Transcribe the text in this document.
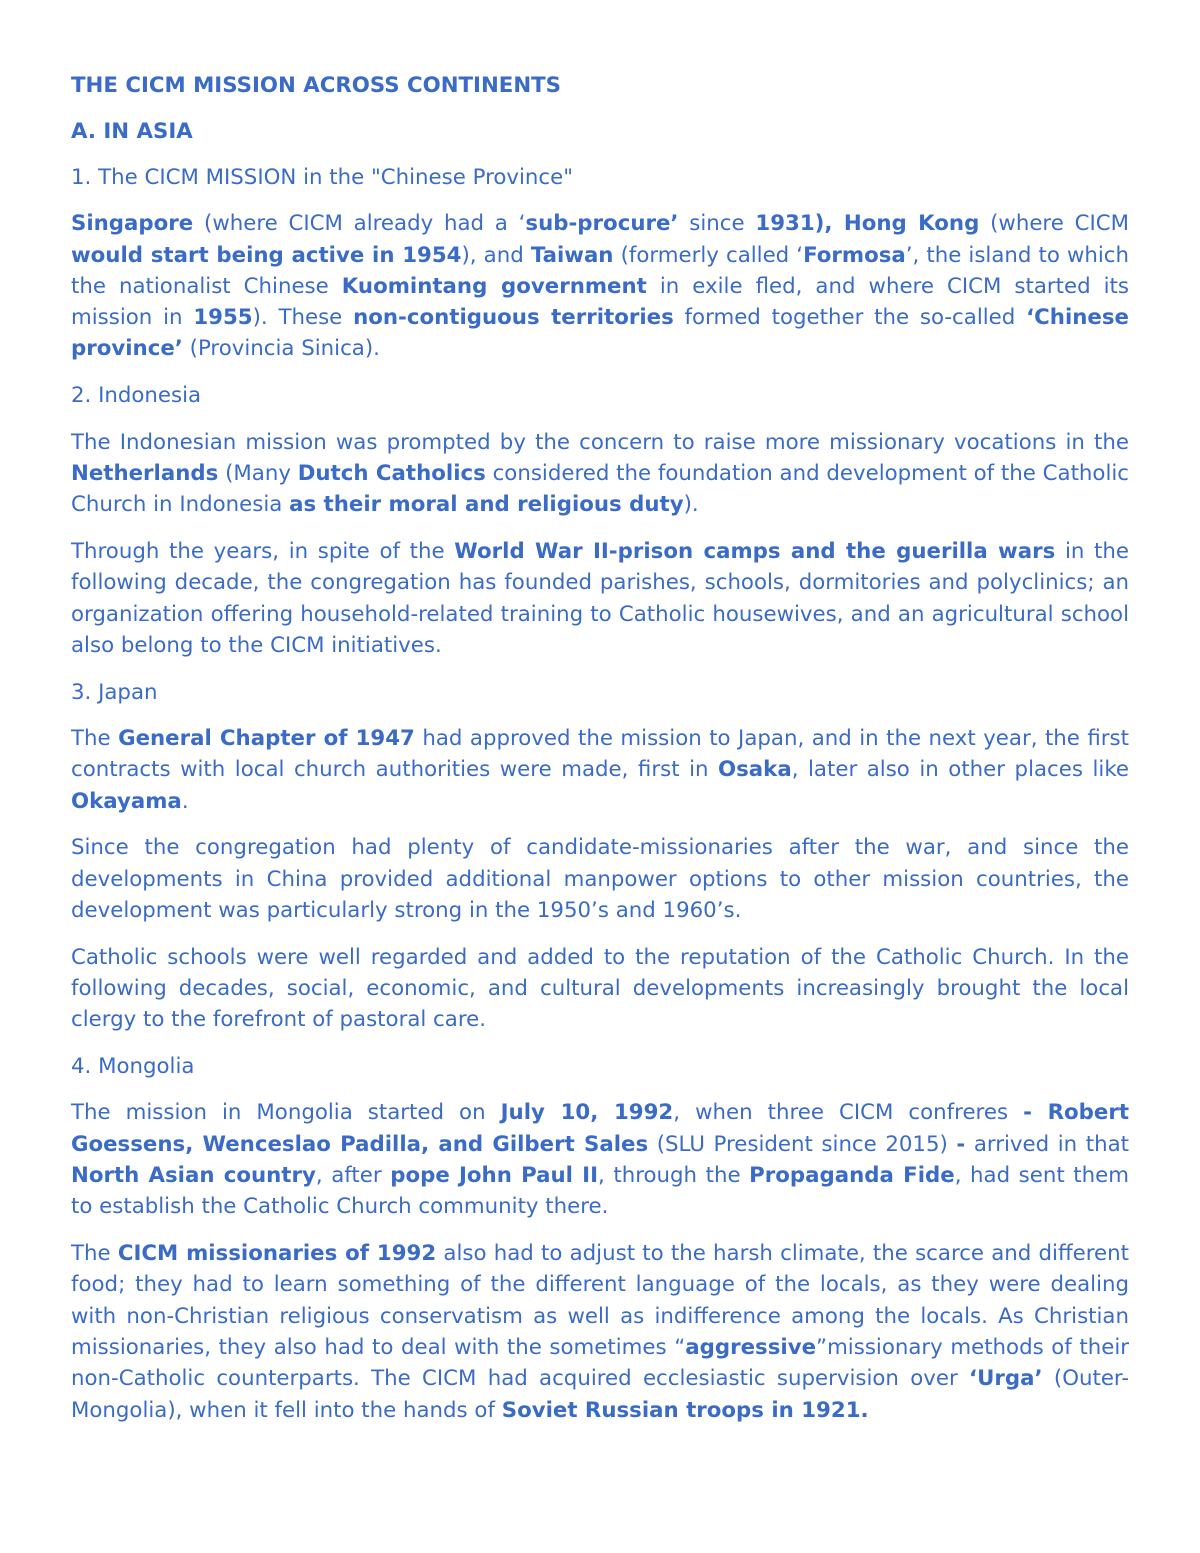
THE CICM MISSION ACROSS CONTINENTS
A. IN ASIA
1. The CICM MISSION in the "Chinese Province"

Singapore (where CICM already had a ‘sub-procure’ since 1931), Hong Kong (where CICM would start being active in 1954), and Taiwan (formerly called ‘Formosa’, the island to which the nationalist Chinese Kuomintang government in exile fled, and where CICM started its mission in 1955). These non-contiguous territories formed together the so-called ‘Chinese province’ (Provincia Sinica).

2. Indonesia

The Indonesian mission was prompted by the concern to raise more missionary vocations in the Netherlands (Many Dutch Catholics considered the foundation and development of the Catholic Church in Indonesia as their moral and religious duty).

Through the years, in spite of the World War II-prison camps and the guerilla wars in the following decade, the congregation has founded parishes, schools, dormitories and polyclinics; an organization offering household-related training to Catholic housewives, and an agricultural school also belong to the CICM initiatives.

3. Japan

The General Chapter of 1947 had approved the mission to Japan, and in the next year, the first contracts with local church authorities were made, first in Osaka, later also in other places like Okayama.

Since the congregation had plenty of candidate-missionaries after the war, and since the developments in China provided additional manpower options to other mission countries, the development was particularly strong in the 1950’s and 1960’s.

Catholic schools were well regarded and added to the reputation of the Catholic Church. In the following decades, social, economic, and cultural developments increasingly brought the local clergy to the forefront of pastoral care.

4. Mongolia

The mission in Mongolia started on July 10, 1992, when three CICM confreres - Robert Goessens, Wenceslao Padilla, and Gilbert Sales (SLU President since 2015) - arrived in that North Asian country, after pope John Paul II, through the Propaganda Fide, had sent them to establish the Catholic Church community there.

The CICM missionaries of 1992 also had to adjust to the harsh climate, the scarce and different food; they had to learn something of the different language of the locals, as they were dealing with non-Christian religious conservatism as well as indifference among the locals. As Christian missionaries, they also had to deal with the sometimes “aggressive”missionary methods of their non-Catholic counterparts. The CICM had acquired ecclesiastic supervision over ‘Urga’ (Outer-Mongolia), when it fell into the hands of Soviet Russian troops in 1921.
